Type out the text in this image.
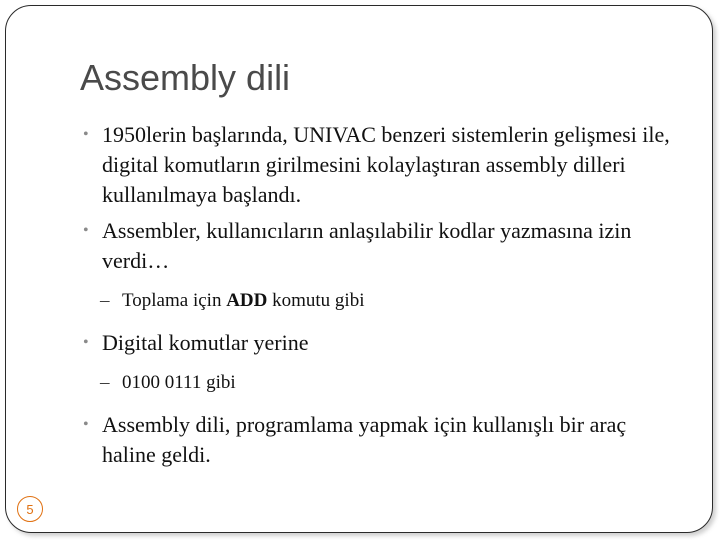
Assembly dili
• 1950lerin başlarında, UNIVAC benzeri sistemlerin gelişmesi ile, digital komutların girilmesini kolaylaştıran assembly dilleri kullanılmaya başlandı.
• Assembler, kullanıcıların anlaşılabilir kodlar yazmasına izin verdi…
– Toplama için ADD komutu gibi
• Digital komutlar yerine
– 0100 0111 gibi
• Assembly dili, programlama yapmak için kullanışlı bir araç haline geldi.
5
